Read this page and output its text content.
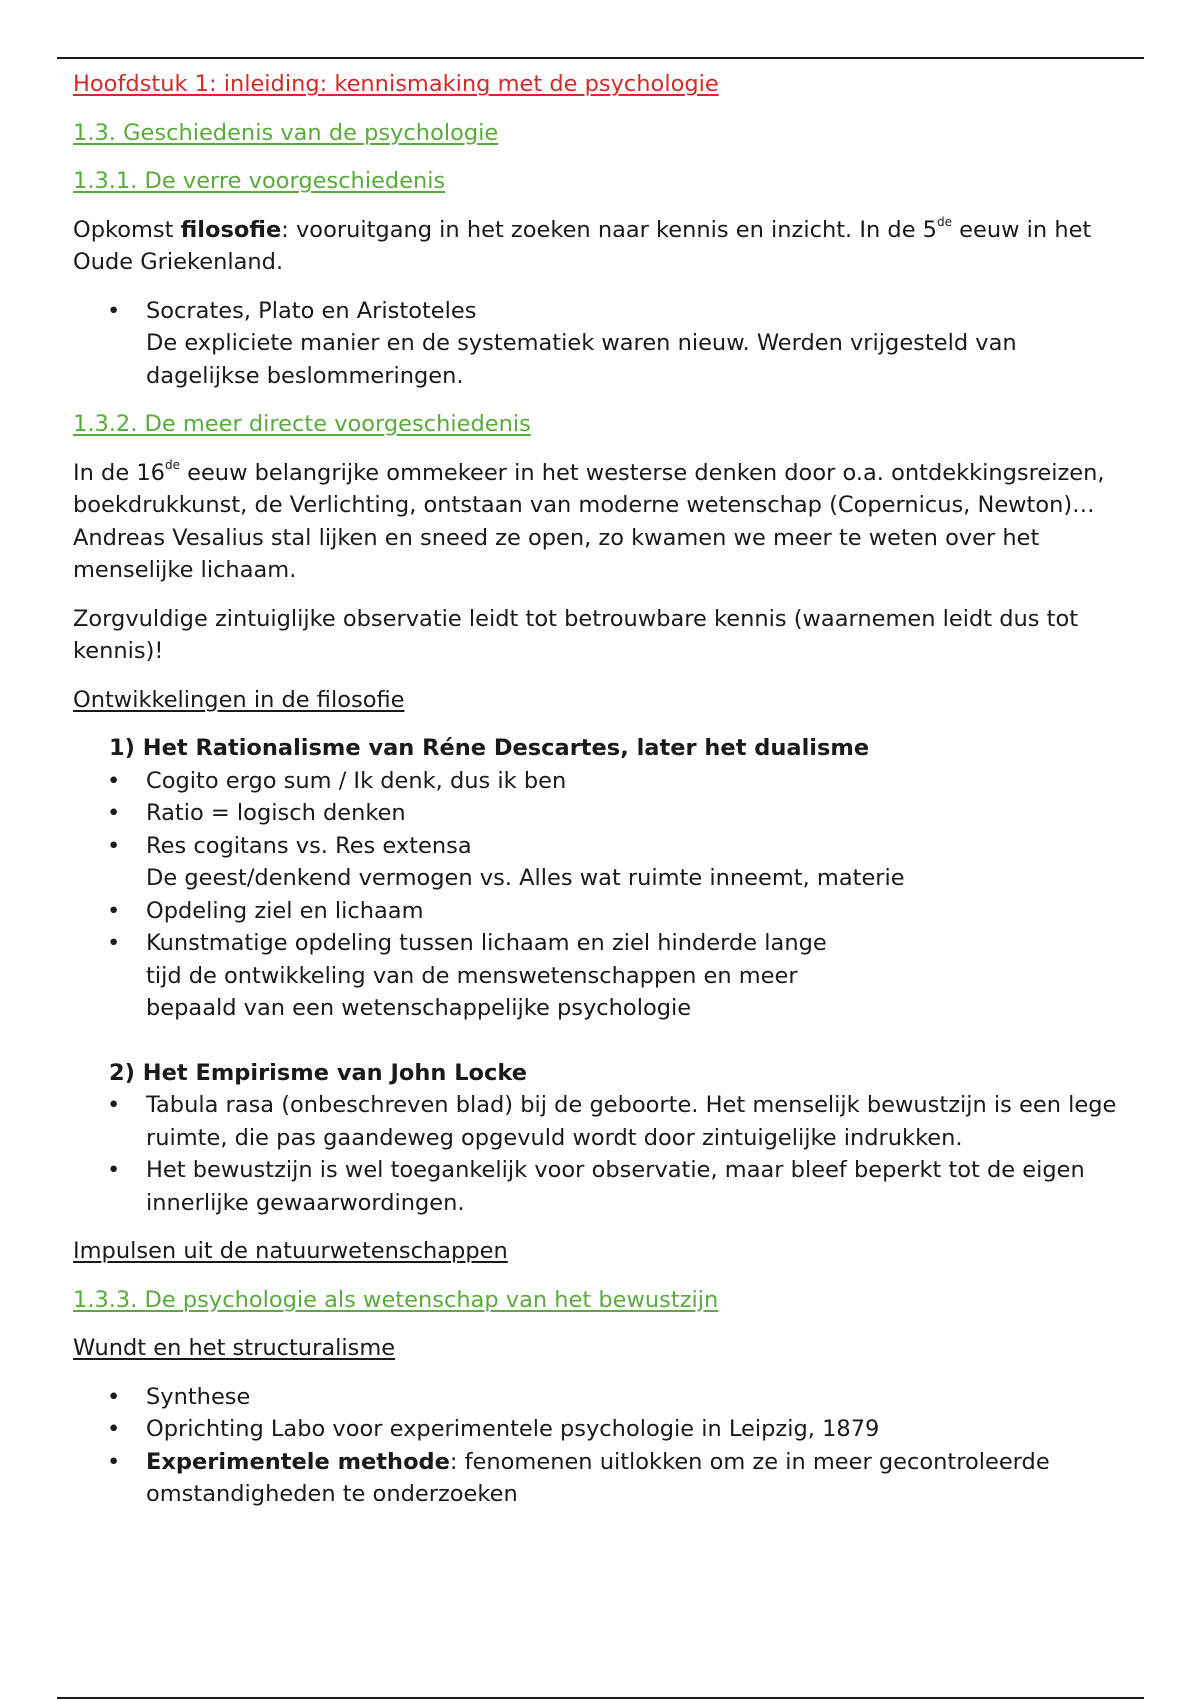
Hoofdstuk 1: inleiding: kennismaking met de psychologie

1.3. Geschiedenis van de psychologie

1.3.1. De verre voorgeschiedenis

Opkomst filosofie: vooruitgang in het zoeken naar kennis en inzicht. In de 5de eeuw in het Oude Griekenland.

• Socrates, Plato en Aristoteles
De expliciete manier en de systematiek waren nieuw. Werden vrijgesteld van dagelijkse beslommeringen.

1.3.2. De meer directe voorgeschiedenis

In de 16de eeuw belangrijke ommekeer in het westerse denken door o.a. ontdekkingsreizen, boekdrukkunst, de Verlichting, ontstaan van moderne wetenschap (Copernicus, Newton)… Andreas Vesalius stal lijken en sneed ze open, zo kwamen we meer te weten over het menselijke lichaam.

Zorgvuldige zintuiglijke observatie leidt tot betrouwbare kennis (waarnemen leidt dus tot kennis)!

Ontwikkelingen in de filosofie

1) Het Rationalisme van Réne Descartes, later het dualisme
• Cogito ergo sum / Ik denk, dus ik ben
• Ratio = logisch denken
• Res cogitans vs. Res extensa
De geest/denkend vermogen vs. Alles wat ruimte inneemt, materie
• Opdeling ziel en lichaam
• Kunstmatige opdeling tussen lichaam en ziel hinderde lange
tijd de ontwikkeling van de menswetenschappen en meer
bepaald van een wetenschappelijke psychologie
2) Het Empirisme van John Locke
• Tabula rasa (onbeschreven blad) bij de geboorte. Het menselijk bewustzijn is een lege ruimte, die pas gaandeweg opgevuld wordt door zintuigelijke indrukken.
• Het bewustzijn is wel toegankelijk voor observatie, maar bleef beperkt tot de eigen innerlijke gewaarwordingen.

Impulsen uit de natuurwetenschappen

1.3.3. De psychologie als wetenschap van het bewustzijn

Wundt en het structuralisme

• Synthese
• Oprichting Labo voor experimentele psychologie in Leipzig, 1879
• Experimentele methode: fenomenen uitlokken om ze in meer gecontroleerde omstandigheden te onderzoeken
